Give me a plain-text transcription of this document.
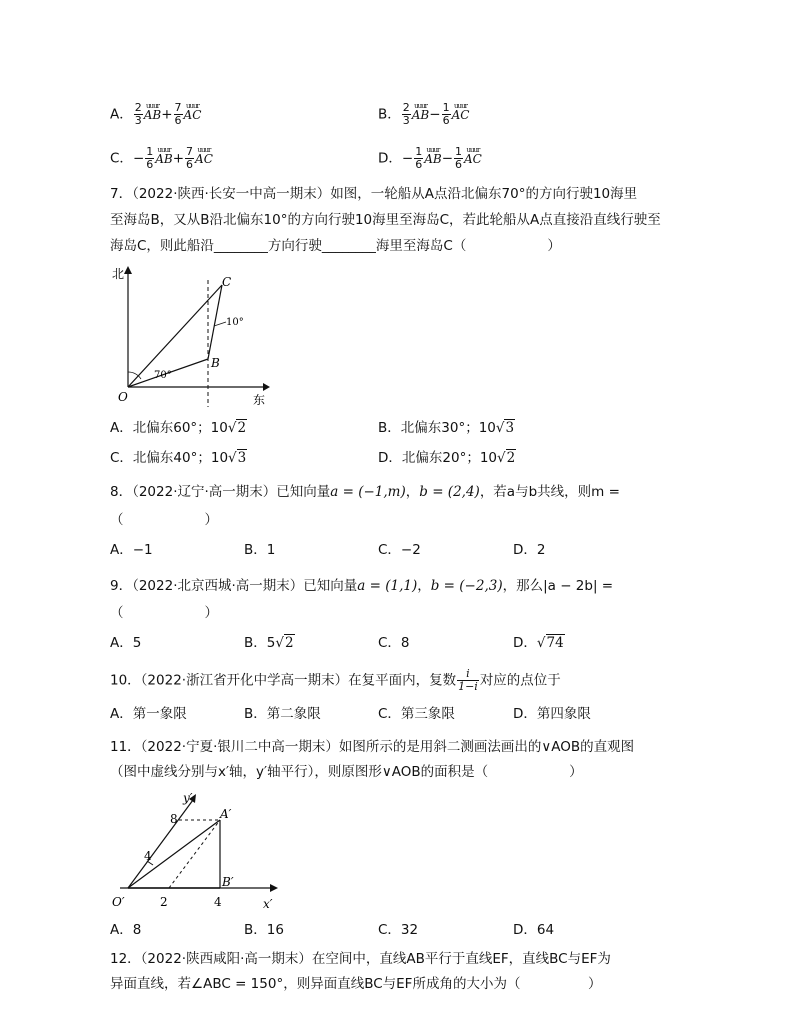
A． $\frac{2}{3}$ uuur
$AB+ \frac{7}{6}$ uuur
AC	B． $\frac{2}{3}$ uuur
$AB- \frac{1}{6}$ uuur
AC
C．− $\frac{1}{6}$ uuur
$AB+ \frac{7}{6}$ uuur
AC	D．− $\frac{1}{6}$ uuur
$AB- \frac{1}{6}$ uuur
AC
7．（2022·陕西·长安一中高一期末）如图，一轮船从A点沿北偏东70°的方向行驶10海里
至海岛B，又从B沿北偏东10°的方向行驶10海里至海岛C，若此轮船从A点直接沿直线行驶至
海岛C，则此船沿________方向行驶________海里至海岛C（　　　　　　）
北
东
O
B
C
70°
10°
A．北偏东60°；10√2	B．北偏东30°；10√3
C．北偏东40°；10√3	D．北偏东20°；10√2
8．（2022·辽宁·高一期末）已知向量a = (−1,m)，b = (2,4)，若a与b共线，则m =
（　　　　　　）
A．−1	B．1	C．−2	D．2
9．（2022·北京西城·高一期末）已知向量a = (1,1)，b = (−2,3)，那么|a − 2b| =
（　　　　　　）
A．5	B．5√2	C．8	D．√74
10．（2022·浙江省开化中学高一期末）在复平面内，复数 $\frac{i}{1-i}$ 对应的点位于
A．第一象限	B．第二象限	C．第三象限	D．第四象限
11．（2022·宁夏·银川二中高一期末）如图所示的是用斜二测画法画出的∨AOB的直观图
（图中虚线分别与x′轴，y′轴平行），则原图形∨AOB的面积是（　　　　　　）
y′
x′
O′
A′
B′
8
4
2	4
A．8	B．16	C．32	D．64
12．（2022·陕西咸阳·高一期末）在空间中，直线AB平行于直线EF，直线BC与EF为
异面直线，若∠ABC = 150°，则异面直线BC与EF所成角的大小为（　　　　　）
